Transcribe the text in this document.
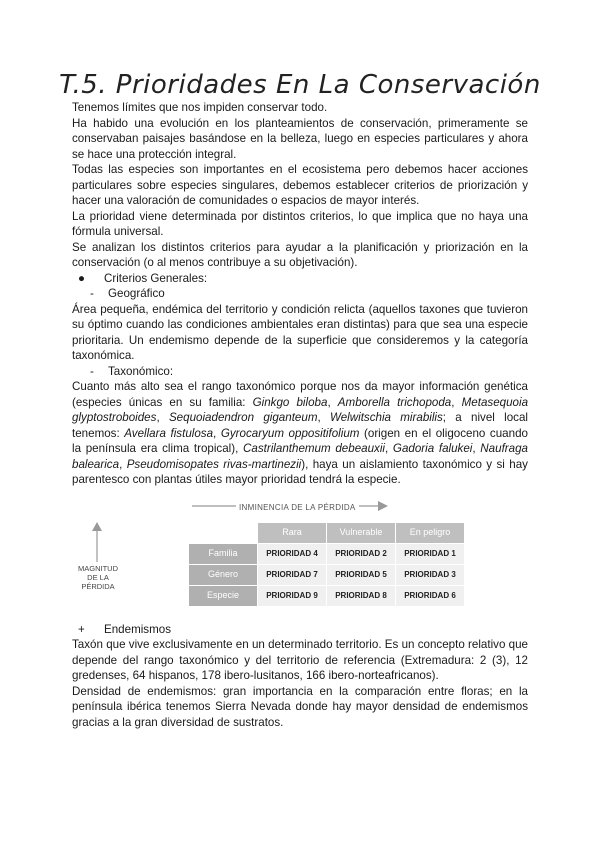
T.5. Prioridades En La Conservación

Tenemos límites que nos impiden conservar todo.

Ha habido una evolución en los planteamientos de conservación, primeramente se conservaban paisajes basándose en la belleza, luego en especies particulares y ahora se hace una protección integral.

Todas las especies son importantes en el ecosistema pero debemos hacer acciones particulares sobre especies singulares, debemos establecer criterios de priorización y hacer una valoración de comunidades o espacios de mayor interés.

La prioridad viene determinada por distintos criterios, lo que implica que no haya una fórmula universal.

Se analizan los distintos criterios para ayudar a la planificación y priorización en la conservación (o al menos contribuye a su objetivación).

● Criterios Generales:
- Geográfico

Área pequeña, endémica del territorio y condición relicta (aquellos taxones que tuvieron su óptimo cuando las condiciones ambientales eran distintas) para que sea una especie prioritaria. Un endemismo depende de la superficie que consideremos y la categoría taxonómica.

- Taxonómico:

Cuanto más alto sea el rango taxonómico porque nos da mayor información genética (especies únicas en su familia: Ginkgo biloba, Amborella trichopoda, Metasequoia glyptostroboides, Sequoiadendron giganteum, Welwitschia mirabilis; a nivel local tenemos: Avellara fistulosa, Gyrocaryum oppositifolium (origen en el oligoceno cuando la península era clima tropical), Castrilanthemum debeauxii, Gadoria falukei, Naufraga balearica, Pseudomisopates rivas-martinezii), haya un aislamiento taxonómico y si hay parentesco con plantas útiles mayor prioridad tendrá la especie.

INMINENCIA DE LA PÉRDIDA
MAGNITUD
DE LA
PÉRDIDA
	Rara	Vulnerable	En peligro
Familia	PRIORIDAD 4	PRIORIDAD 2	PRIORIDAD 1
Género	PRIORIDAD 7	PRIORIDAD 5	PRIORIDAD 3
Especie	PRIORIDAD 9	PRIORIDAD 8	PRIORIDAD 6
+ Endemismos

Taxón que vive exclusivamente en un determinado territorio. Es un concepto relativo que depende del rango taxonómico y del territorio de referencia (Extremadura: 2 (3), 12 gredenses, 64 hispanos, 178 ibero-lusitanos, 166 ibero-norteafricanos).

Densidad de endemismos: gran importancia en la comparación entre floras; en la península ibérica tenemos Sierra Nevada donde hay mayor densidad de endemismos gracias a la gran diversidad de sustratos.
